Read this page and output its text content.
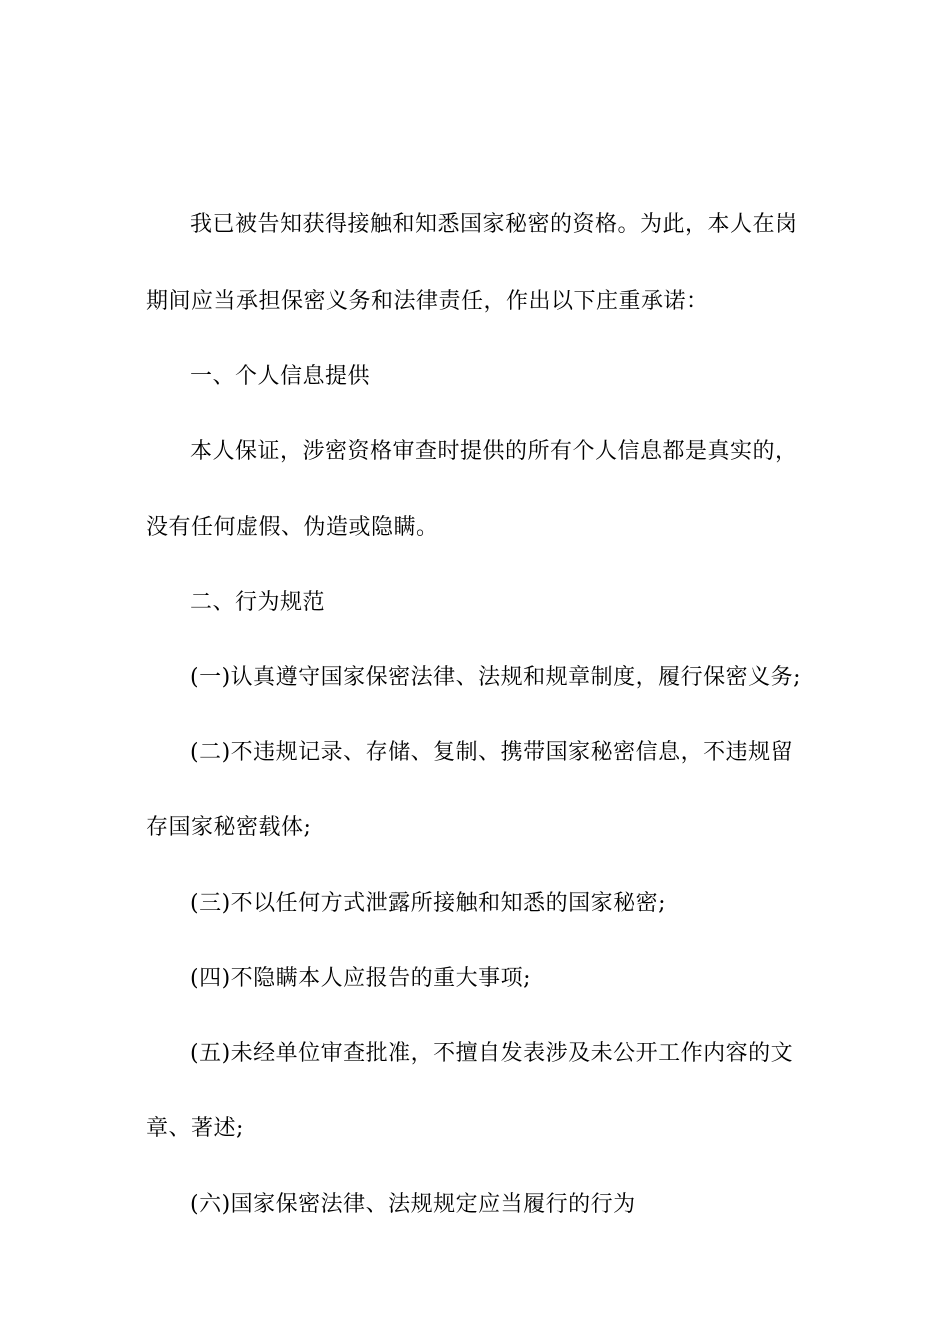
我已被告知获得接触和知悉国家秘密的资格。为此，本人在岗
期间应当承担保密义务和法律责任，作出以下庄重承诺：
一、个人信息提供
本人保证，涉密资格审查时提供的所有个人信息都是真实的，
没有任何虚假、伪造或隐瞒。
二、行为规范
(一)认真遵守国家保密法律、法规和规章制度，履行保密义务;
(二)不违规记录、存储、复制、携带国家秘密信息，不违规留
存国家秘密载体;
(三)不以任何方式泄露所接触和知悉的国家秘密;
(四)不隐瞒本人应报告的重大事项;
(五)未经单位审查批准，不擅自发表涉及未公开工作内容的文
章、著述;
(六)国家保密法律、法规规定应当履行的行为
